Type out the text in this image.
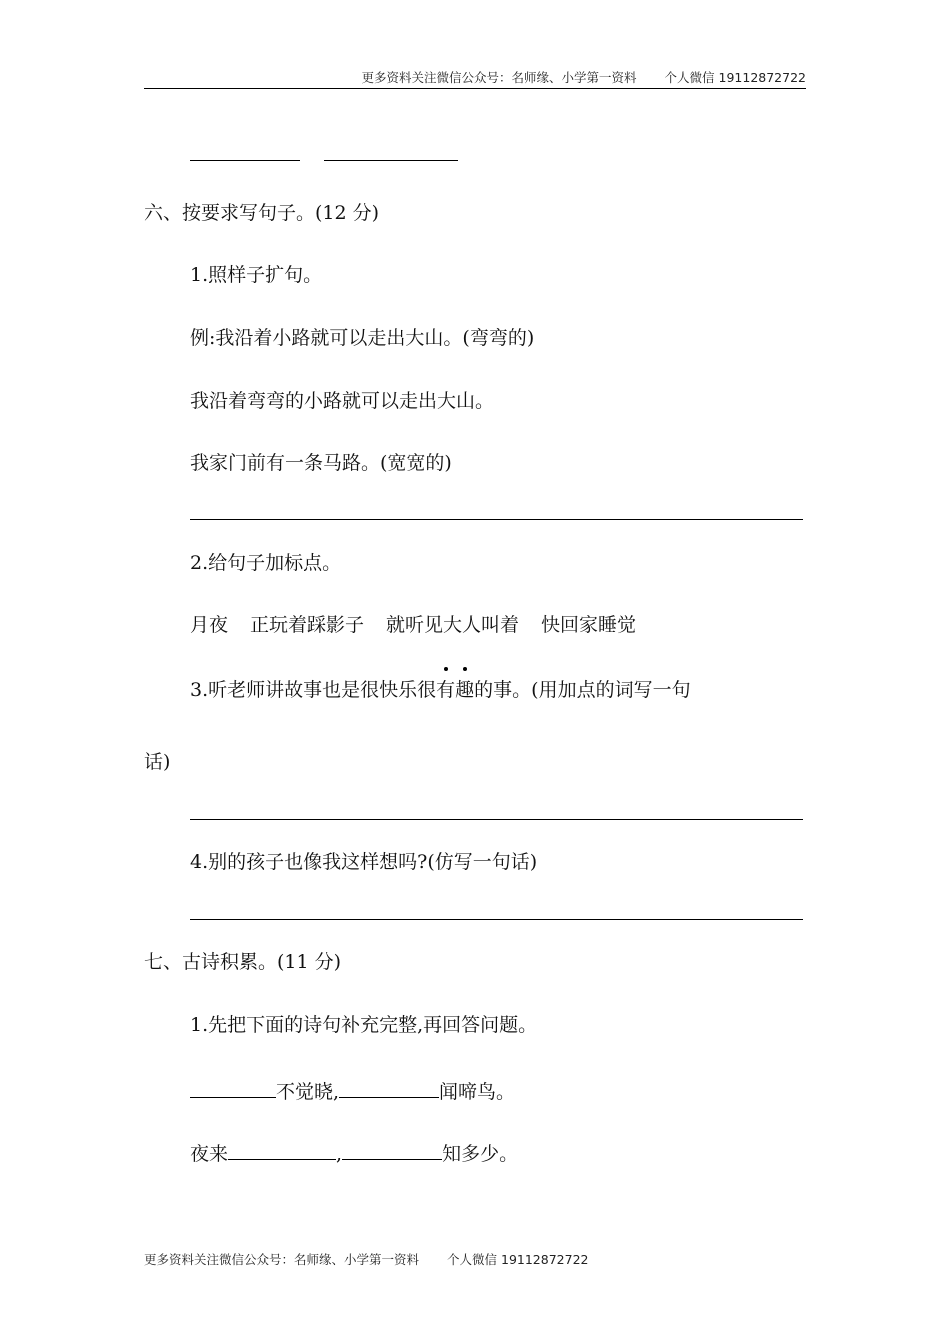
更多资料关注微信公众号：名师缘、小学第一资料 个人微信 19112872722
六、按要求写句子。(12 分)
1.照样子扩句。
例:我沿着小路就可以走出大山。(弯弯的)
我沿着弯弯的小路就可以走出大山。
我家门前有一条马路。(宽宽的)
2.给句子加标点。
月夜 正玩着踩影子 就听见大人叫着 快回家睡觉
3.听老师讲故事也是很快乐很有趣的事。(用加点的词写一句
话)
4.别的孩子也像我这样想吗?(仿写一句话)
七、古诗积累。(11 分)
1.先把下面的诗句补充完整,再回答问题。
不觉晓,	闻啼鸟。
夜来	,	知多少。
更多资料关注微信公众号：名师缘、小学第一资料 个人微信 19112872722
